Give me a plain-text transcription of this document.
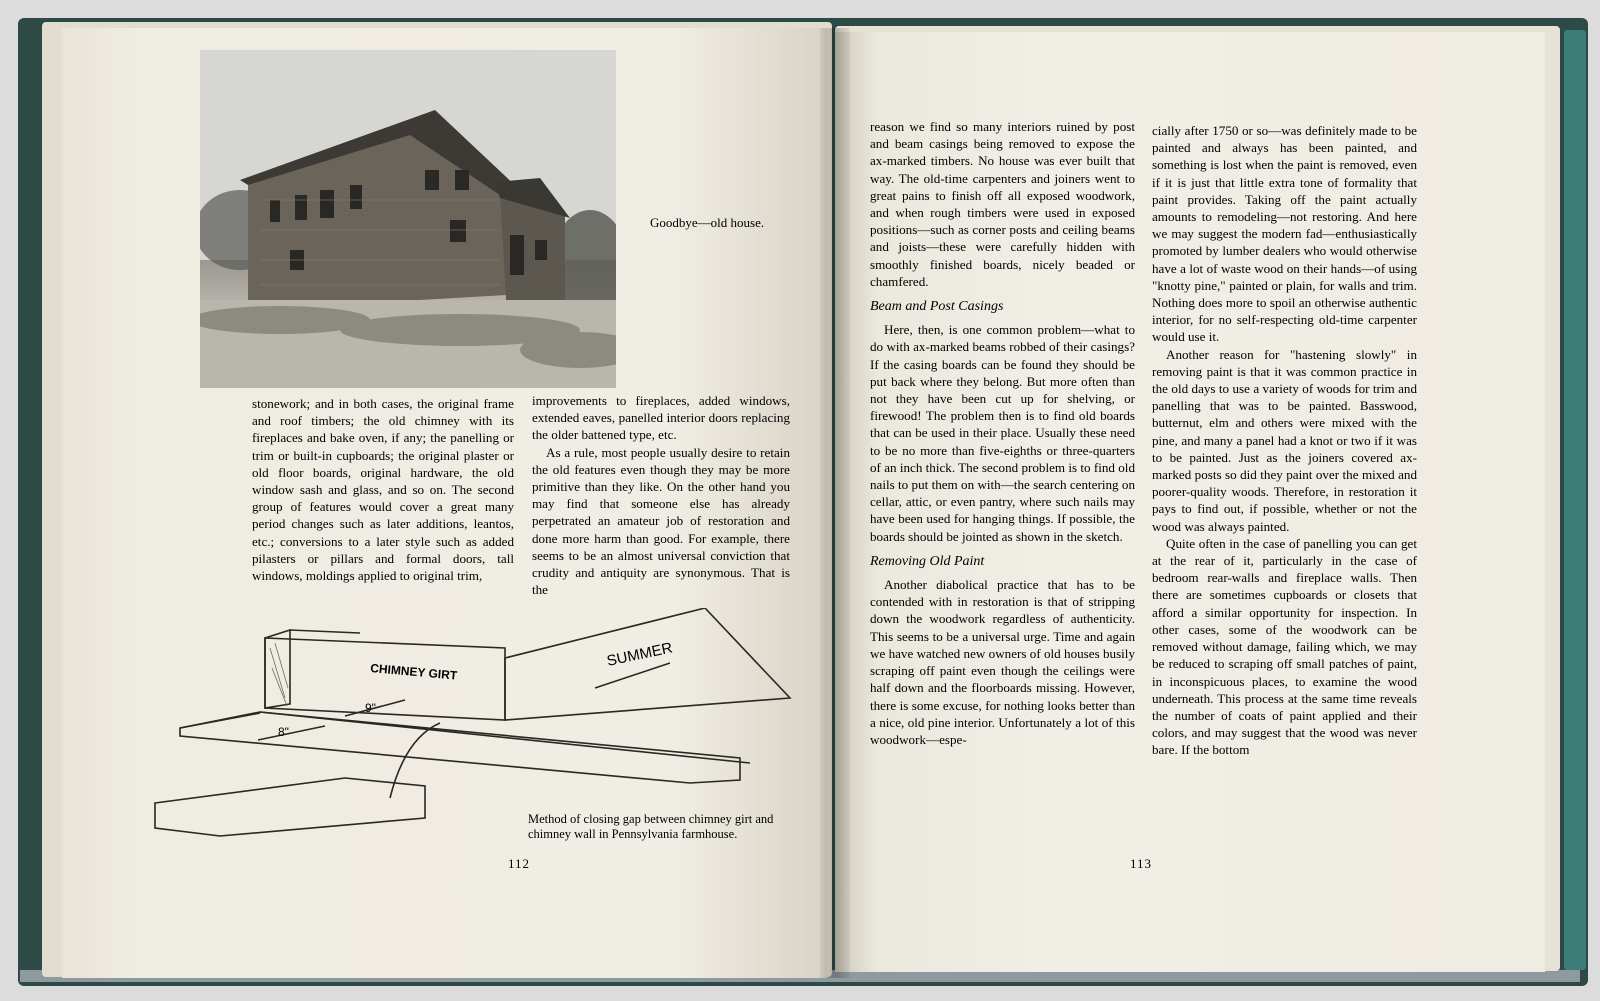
Goodbye—old house.

stonework; and in both cases, the original frame and roof timbers; the old chimney with its fireplaces and bake oven, if any; the panelling or trim or built-in cupboards; the original plaster or old floor boards, original hardware, the old window sash and glass, and so on. The second group of features would cover a great many period changes such as later additions, leantos, etc.; conversions to a later style such as added pilasters or pillars and formal doors, tall windows, moldings applied to original trim,

improvements to fireplaces, added windows, extended eaves, panelled interior doors replacing the older battened type, etc.

As a rule, most people usually desire to retain the old features even though they may be more primitive than they like. On the other hand you may find that someone else has already perpetrated an amateur job of restoration and done more harm than good. For example, there seems to be an almost universal conviction that crudity and antiquity are synonymous. That is the

CHIMNEY GIRT
SUMMER
9"
8"
Method of closing gap between chimney girt and chimney wall in Pennsylvania farmhouse.
112

reason we find so many interiors ruined by post and beam casings being removed to expose the ax-marked timbers. No house was ever built that way. The old-time carpenters and joiners went to great pains to finish off all exposed woodwork, and when rough timbers were used in exposed positions—such as corner posts and ceiling beams and joists—these were carefully hidden with smoothly finished boards, nicely beaded or chamfered.

Beam and Post Casings

Here, then, is one common problem—what to do with ax-marked beams robbed of their casings? If the casing boards can be found they should be put back where they belong. But more often than not they have been cut up for shelving, or firewood! The problem then is to find old boards that can be used in their place. Usually these need to be no more than five-eighths or three-quarters of an inch thick. The second problem is to find old nails to put them on with—the search centering on cellar, attic, or even pantry, where such nails may have been used for hanging things. If possible, the boards should be jointed as shown in the sketch.

Removing Old Paint

Another diabolical practice that has to be contended with in restoration is that of stripping down the woodwork regardless of authenticity. This seems to be a universal urge. Time and again we have watched new owners of old houses busily scraping off paint even though the ceilings were half down and the floorboards missing. However, there is some excuse, for nothing looks better than a nice, old pine interior. Unfortunately a lot of this woodwork—espe-

cially after 1750 or so—was definitely made to be painted and always has been painted, and something is lost when the paint is removed, even if it is just that little extra tone of formality that paint provides. Taking off the paint actually amounts to remodeling—not restoring. And here we may suggest the modern fad—enthusiastically promoted by lumber dealers who would otherwise have a lot of waste wood on their hands—of using "knotty pine," painted or plain, for walls and trim. Nothing does more to spoil an otherwise authentic interior, for no self-respecting old-time carpenter would use it.

Another reason for "hastening slowly" in removing paint is that it was common practice in the old days to use a variety of woods for trim and panelling that was to be painted. Basswood, butternut, elm and others were mixed with the pine, and many a panel had a knot or two if it was to be painted. Just as the joiners covered ax-marked posts so did they paint over the mixed and poorer-quality woods. Therefore, in restoration it pays to find out, if possible, whether or not the wood was always painted.

Quite often in the case of panelling you can get at the rear of it, particularly in the case of bedroom rear-walls and fireplace walls. Then there are sometimes cupboards or closets that afford a similar opportunity for inspection. In other cases, some of the woodwork can be removed without damage, failing which, we may be reduced to scraping off small patches of paint, in inconspicuous places, to examine the wood underneath. This process at the same time reveals the number of coats of paint applied and their colors, and may suggest that the wood was never bare. If the bottom

113
